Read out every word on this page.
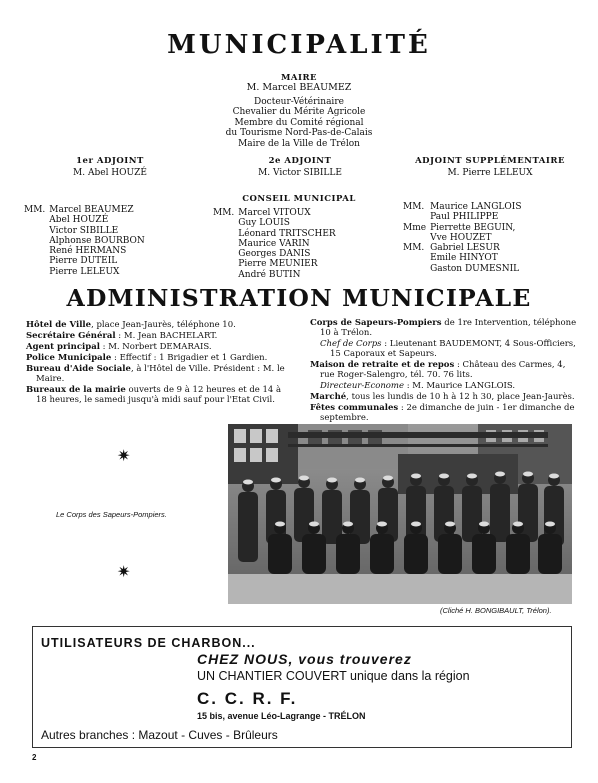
MUNICIPALITÉ
MAIRE
M. Marcel BEAUMEZ
Docteur-Vétérinaire
Chevalier du Mérite Agricole
Membre du Comité régional
du Tourisme Nord-Pas-de-Calais
Maire de la Ville de Trélon
1er ADJOINT
M. Abel HOUZÉ
2e ADJOINT
M. Victor SIBILLE
ADJOINT SUPPLÉMENTAIRE
M. Pierre LELEUX
CONSEIL MUNICIPAL
MM.	Marcel BEAUMEZ
Abel HOUZÉ
Victor SIBILLE
Alphonse BOURBON
René HERMANS
Pierre DUTEIL
Pierre LELEUX
MM.	Marcel VITOUX
Guy LOUIS
Léonard TRITSCHER
Maurice VARIN
Georges DANIS
Pierre MEUNIER
André BUTIN
MM.	Maurice LANGLOIS
	Paul PHILIPPE
Mme	Pierrette BEGUIN,
	Vve HOUZET
MM.	Gabriel LESUR
	Emile HINYOT
	Gaston DUMESNIL
ADMINISTRATION MUNICIPALE
Hôtel de Ville, place Jean-Jaurès, téléphone 10.
Secrétaire Général : M. Jean BACHELART.
Agent principal : M. Norbert DEMARAIS.
Police Municipale : Effectif : 1 Brigadier et 1 Gardien.
Bureau d'Aide Sociale, à l'Hôtel de Ville. Président : M. le Maire.
Bureaux de la mairie ouverts de 9 à 12 heures et de 14 à 18 heures, le samedi jusqu'à midi sauf pour l'Etat Civil.
Corps de Sapeurs-Pompiers de 1re Intervention, téléphone 10 à Trélon.
Chef de Corps : Lieutenant BAUDEMONT, 4 Sous-Officiers, 15 Caporaux et Sapeurs.
Maison de retraite et de repos : Château des Carmes, 4, rue Roger-Salengro, tél. 70. 76 lits.
Directeur-Econome : M. Maurice LANGLOIS.
Marché, tous les lundis de 10 h à 12 h 30, place Jean-Jaurès.
Fêtes communales : 2e dimanche de juin - 1er dimanche de septembre.
✷
✷
Le Corps des Sapeurs-Pompiers.
(Cliché H. BONGIBAULT, Trélon).
UTILISATEURS DE CHARBON...
CHEZ NOUS, vous trouverez
UN CHANTIER COUVERT unique dans la région
C. C. R. F.
15 bis, avenue Léo-Lagrange - TRÉLON
Autres branches : Mazout - Cuves - Brûleurs
2
